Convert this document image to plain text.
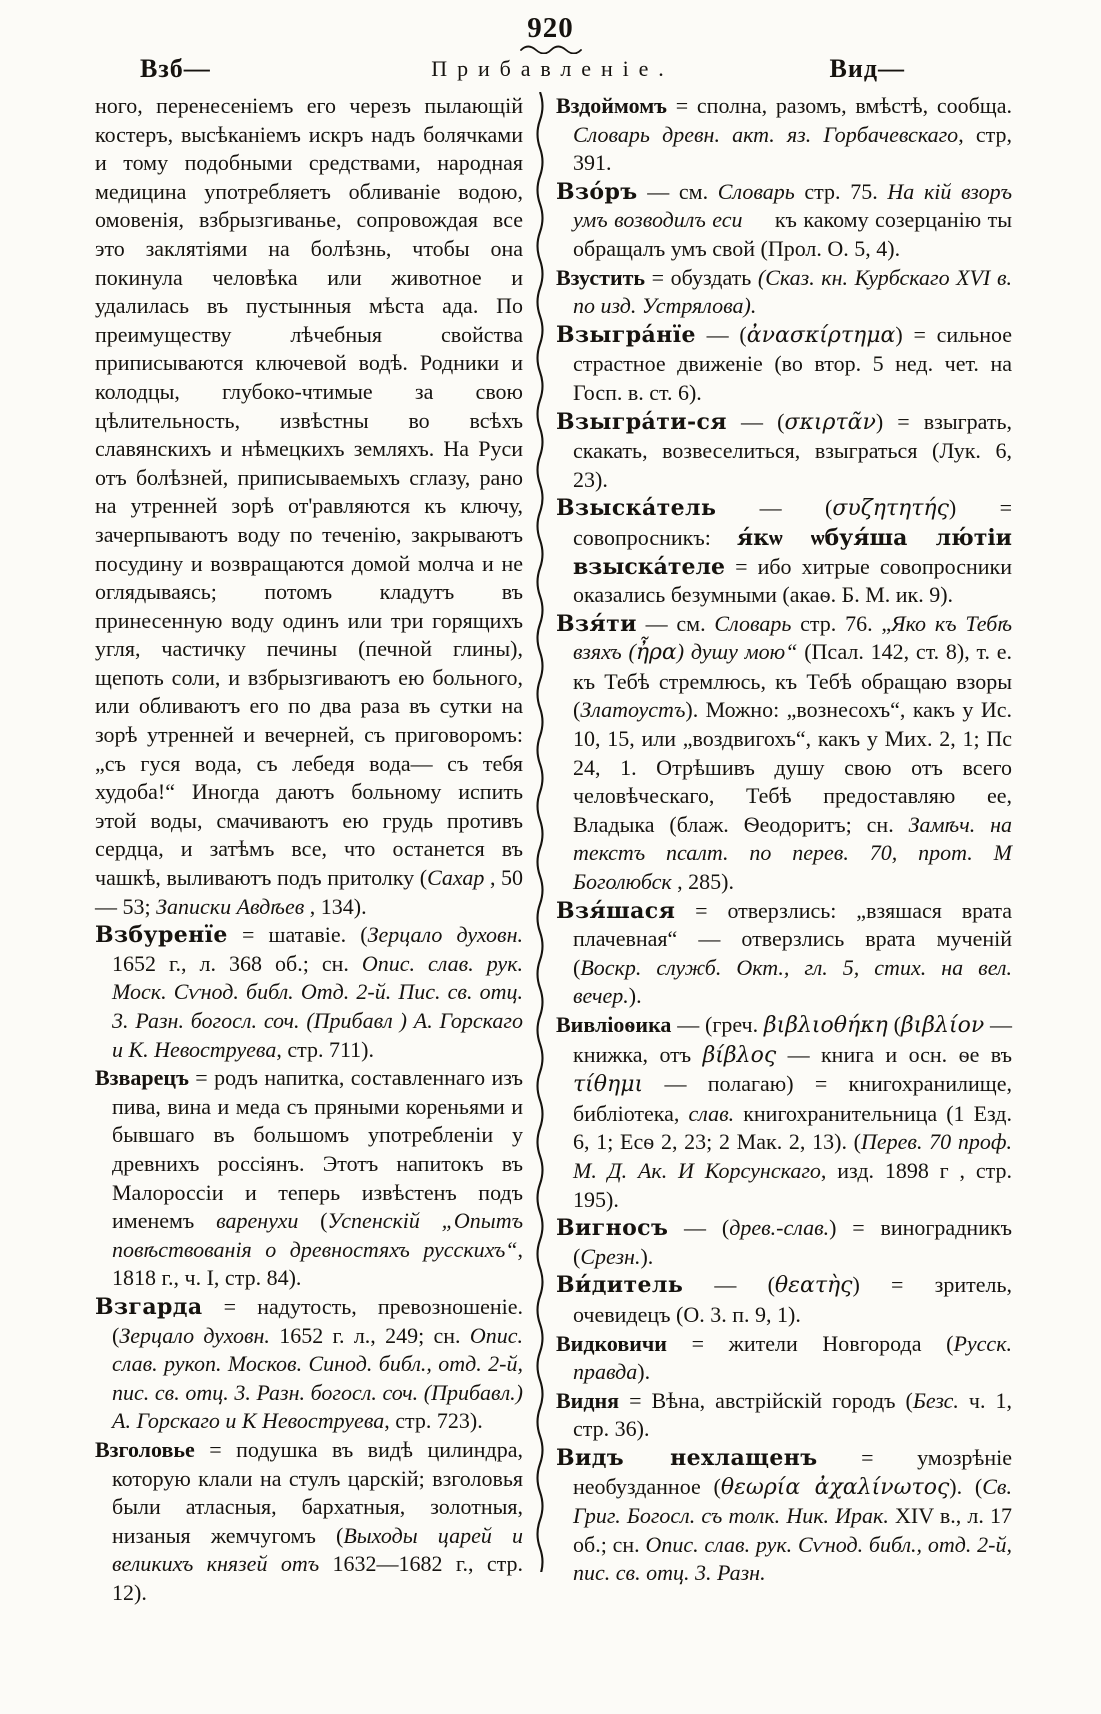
920
Взб—	Прибавленіе.	Вид—

ного, перенесеніемъ его черезъ пылающій костеръ, высѣканіемъ искръ надъ болячками и тому подобными средствами, народная медицина употребляетъ обливаніе водою, омовенія, взбрызгиванье, сопровождая все это заклятіями на болѣзнь, чтобы она покинула человѣка или животное и удалилась въ пустынныя мѣста ада. По преимуществу лѣчебныя свойства приписываются ключевой водѣ. Родники и колодцы, глубоко-чтимые за свою цѣлительность, извѣстны во всѣхъ славянскихъ и нѣмецкихъ земляхъ. На Руси отъ болѣзней, приписываемыхъ сглазу, рано на утренней зорѣ от'равляются къ ключу, зачерпываютъ воду по теченію, закрываютъ посудину и возвращаются домой молча и не оглядываясь; потомъ кладутъ въ принесенную воду одинъ или три горящихъ угля, частичку печины (печной глины), щепоть соли, и взбрызгиваютъ ею больного, или обливаютъ его по два раза въ сутки на зорѣ утренней и вечерней, съ приговоромъ: „съ гуся вода, съ лебедя вода— съ тебя худоба!“ Иногда даютъ больному испить этой воды, смачиваютъ ею грудь противъ сердца, и затѣмъ все, что останется въ чашкѣ, выливаютъ подъ притолку (Сахар , 50 — 53; Записки Авдѣев , 134).

Взбуренїе = шатавіе. (Зерцало духовн. 1652 г., л. 368 об.; сн. Опис. слав. рук. Моск. Сѵнод. библ. Отд. 2-й. Пис. св. отц. 3. Разн. богосл. соч. (Прибавл ) А. Горскаго и К. Невоструева, стр. 711).

Взварецъ = родъ напитка, составленнаго изъ пива, вина и меда съ пряными кореньями и бывшаго въ большомъ употребленіи у древнихъ россіянъ. Этотъ напитокъ въ Малороссіи и теперь извѣстенъ подъ именемъ варенухи (Успенскій „Опытъ повѣствованія о древностяхъ русскихъ“, 1818 г., ч. I, стр. 84).

Взгарда = надутость, превозношеніе. (Зерцало духовн. 1652 г. л., 249; сн. Опис. слав. рукоп. Москов. Синод. библ., отд. 2-й, пис. св. отц. 3. Разн. богосл. соч. (Прибавл.) А. Горскаго и К Невоструева, стр. 723).

Взголовье = подушка въ видѣ цилиндра, которую клали на стулъ царскій; взголовья были атласныя, бархатныя, золотныя, низаныя жемчугомъ (Выходы царей и великихъ князей отъ 1632—1682 г., стр. 12).

Вздоймомъ = сполна, разомъ, вмѣстѣ, сообща. Словарь древн. акт. яз. Горбачевскаго, стр, 391.

Взо́ръ — см. Словарь стр. 75. На кій взоръ умъ возводилъ еси     къ какому созерцанію ты обращалъ умъ свой (Прол. О. 5, 4).

Взустить = обуздать (Сказ. кн. Курбскаго XVI в. по изд. Устрялова).

Взыгра́нїе — (ἀνασκίρτημα) = сильное страстное движеніе (во втор. 5 нед. чет. на Госп. в. ст. 6).

Взыгра́ти-ся — (σκιρτᾶν) = взыграть, скакать, возвеселиться, взыграться (Лук. 6, 23).

Взыска́тель — (συζητητής) = совопросникъ: я́кѡ ѡбуя́ша лю́тіи взыска́теле = ибо хитрые совопросники оказались безумными (акаѳ. Б. М. ик. 9).

Взя́ти — см. Словарь стр. 76. „Яко къ Тебѣ взяхъ (ἦρα) душу мою“ (Псал. 142, ст. 8), т. е. къ Тебѣ стремлюсь, къ Тебѣ обращаю взоры (Златоустъ). Можно: „вознесохъ“, какъ у Ис. 10, 15, или „воздвигохъ“, какъ у Мих. 2, 1; Пс 24, 1. Отрѣшивъ душу свою отъ всего человѣческаго, Тебѣ предоставляю ее, Владыка (блаж. Ѳеодоритъ; сн. Замѣч. на текстъ псалт. по перев. 70, прот. М Боголюбск , 285).

Взя́шася = отверзлись: „взяшася врата плачевная“ — отверзлись врата мученій (Воскр. служб. Окт., гл. 5, стих. на вел. вечер.).

Вивліоѳика — (греч. βιβλιοθήκη (βιβλίον — книжка, отъ βίβλος — книга и осн. ѳе въ τίθημι — полагаю) = книгохранилище, библіотека, слав. книгохранительница (1 Езд. 6, 1; Есѳ 2, 23; 2 Мак. 2, 13). (Перев. 70 проф. М. Д. Ак. И Корсунскаго, изд. 1898 г , стр. 195).

Вигносъ — (древ.-слав.) = виноградникъ (Срезн.).

Ви́дитель — (θεατὴς) = зритель, очевидецъ (О. 3. п. 9, 1).

Видковичи = жители Новгорода (Русск. правда).

Видня = Вѣна, австрійскій городъ (Безс. ч. 1, стр. 36).

Видъ нехлащенъ = умозрѣніе необузданное (θεωρία ἀχαλίνωτος). (Св. Григ. Богосл. съ толк. Ник. Ирак. XIV в., л. 17 об.; сн. Опис. слав. рук. Сѵнод. библ., отд. 2-й, пис. св. отц. 3. Разн.
